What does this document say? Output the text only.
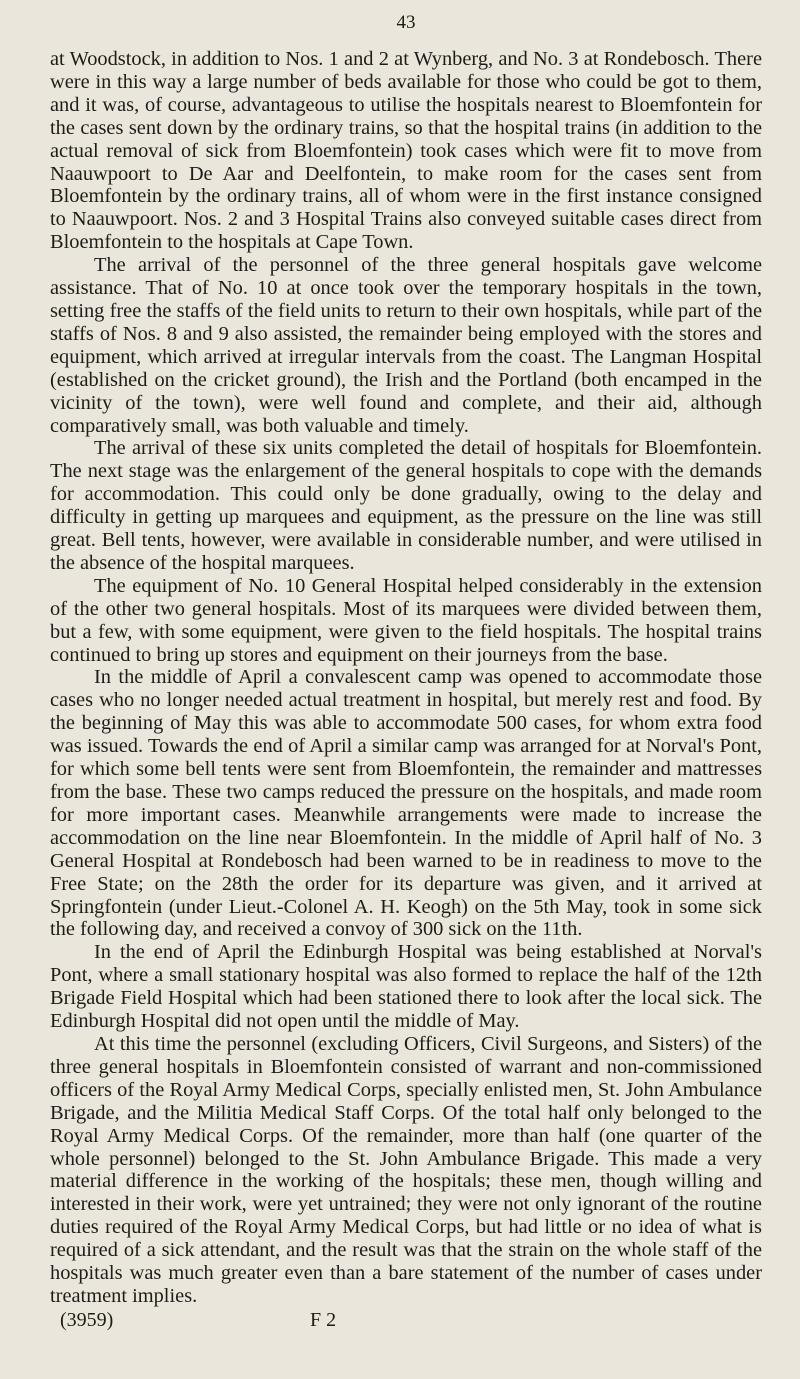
43

at Woodstock, in addition to Nos. 1 and 2 at Wynberg, and No. 3 at Rondebosch. There were in this way a large number of beds available for those who could be got to them, and it was, of course, advantageous to utilise the hospitals nearest to Bloemfontein for the cases sent down by the ordinary trains, so that the hospital trains (in addition to the actual removal of sick from Bloemfontein) took cases which were fit to move from Naauwpoort to De Aar and Deelfontein, to make room for the cases sent from Bloemfontein by the ordinary trains, all of whom were in the first instance consigned to Naauwpoort. Nos. 2 and 3 Hospital Trains also conveyed suitable cases direct from Bloemfontein to the hospitals at Cape Town.

The arrival of the personnel of the three general hospitals gave welcome assistance. That of No. 10 at once took over the temporary hospitals in the town, setting free the staffs of the field units to return to their own hospitals, while part of the staffs of Nos. 8 and 9 also assisted, the remainder being employed with the stores and equipment, which arrived at irregular intervals from the coast. The Langman Hospital (established on the cricket ground), the Irish and the Portland (both encamped in the vicinity of the town), were well found and complete, and their aid, although comparatively small, was both valuable and timely.

The arrival of these six units completed the detail of hospitals for Bloemfontein. The next stage was the enlargement of the general hospitals to cope with the demands for accommodation. This could only be done gradually, owing to the delay and difficulty in getting up marquees and equipment, as the pressure on the line was still great. Bell tents, however, were available in considerable number, and were utilised in the absence of the hospital marquees.

The equipment of No. 10 General Hospital helped considerably in the extension of the other two general hospitals. Most of its marquees were divided between them, but a few, with some equipment, were given to the field hospitals. The hospital trains continued to bring up stores and equipment on their journeys from the base.

In the middle of April a convalescent camp was opened to accommodate those cases who no longer needed actual treatment in hospital, but merely rest and food. By the beginning of May this was able to accommodate 500 cases, for whom extra food was issued. Towards the end of April a similar camp was arranged for at Norval's Pont, for which some bell tents were sent from Bloemfontein, the remainder and mattresses from the base. These two camps reduced the pressure on the hospitals, and made room for more important cases. Meanwhile arrangements were made to increase the accommodation on the line near Bloemfontein. In the middle of April half of No. 3 General Hospital at Rondebosch had been warned to be in readiness to move to the Free State; on the 28th the order for its departure was given, and it arrived at Springfontein (under Lieut.-Colonel A. H. Keogh) on the 5th May, took in some sick the following day, and received a convoy of 300 sick on the 11th.

In the end of April the Edinburgh Hospital was being established at Norval's Pont, where a small stationary hospital was also formed to replace the half of the 12th Brigade Field Hospital which had been stationed there to look after the local sick. The Edinburgh Hospital did not open until the middle of May.

At this time the personnel (excluding Officers, Civil Surgeons, and Sisters) of the three general hospitals in Bloemfontein consisted of warrant and non-commissioned officers of the Royal Army Medical Corps, specially enlisted men, St. John Ambulance Brigade, and the Militia Medical Staff Corps. Of the total half only belonged to the Royal Army Medical Corps. Of the remainder, more than half (one quarter of the whole personnel) belonged to the St. John Ambulance Brigade. This made a very material difference in the working of the hospitals; these men, though willing and interested in their work, were yet untrained; they were not only ignorant of the routine duties required of the Royal Army Medical Corps, but had little or no idea of what is required of a sick attendant, and the result was that the strain on the whole staff of the hospitals was much greater even than a bare statement of the number of cases under treatment implies.

(3959)	F 2
